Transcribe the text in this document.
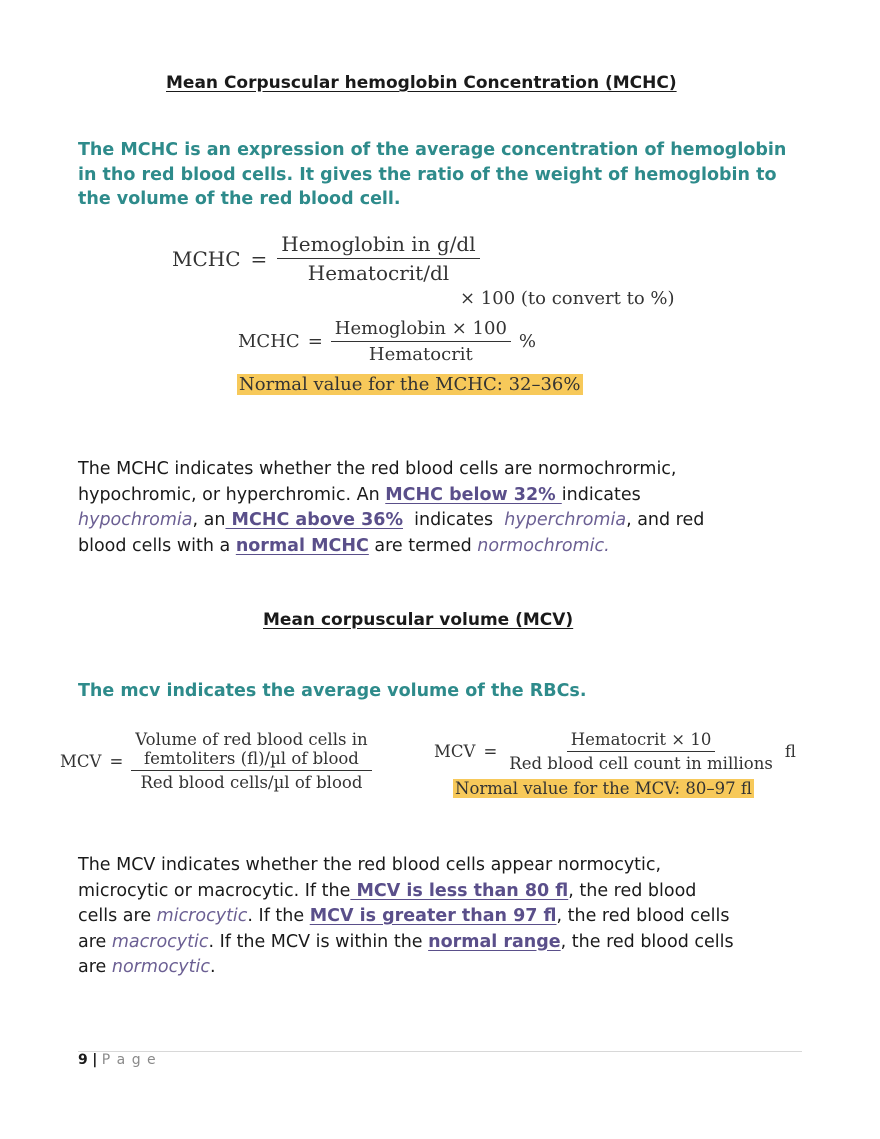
Mean Corpuscular hemoglobin Concentration (MCHC)
The MCHC is an expression of the average concentration of hemoglobin
in tho red blood cells. It gives the ratio of the weight of hemoglobin to
the volume of the red blood cell.
MCHC = $\frac{\text{Hemoglobin in g/dl}}{\text{Hematocrit/dl}}$
× 100 (to convert to %)
MCHC = $\frac{\text{Hemoglobin × 100}}{\text{Hematocrit}}$ %
Normal value for the MCHC: 32–36%
The MCHC indicates whether the red blood cells are normochrormic,
hypochromic, or hyperchromic. An MCHC below 32% indicates
hypochromia, an MCHC above 36%  indicates  hyperchromia, and red
blood cells with a normal MCHC are termed normochromic.
Mean corpuscular volume (MCV)
The mcv indicates the average volume of the RBCs.
MCV =
Volume of red blood cells in
femtoliters (fl)/µl of blood
Red blood cells/µl of blood
MCV = $\frac{\text{Hematocrit × 10}}{\text{Red blood cell count in millions}}$ fl
Normal value for the MCV: 80–97 fl
The MCV indicates whether the red blood cells appear normocytic,
microcytic or macrocytic. If the MCV is less than 80 fl, the red blood
cells are microcytic. If the MCV is greater than 97 fl, the red blood cells
are macrocytic. If the MCV is within the normal range, the red blood cells
are normocytic.
9 | P a g e
